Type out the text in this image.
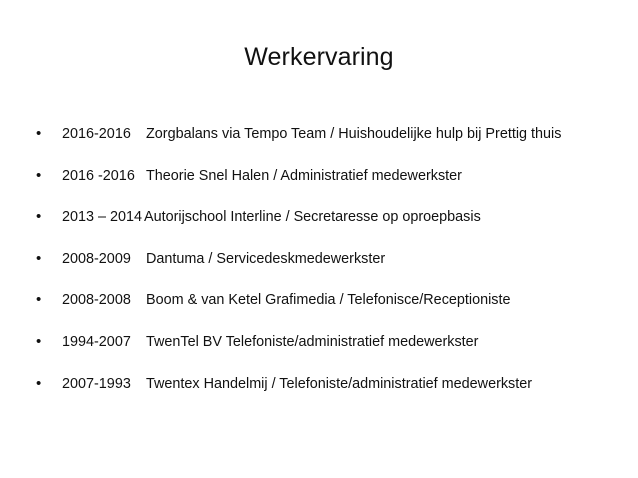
Werkervaring
•	2016-2016 Zorgbalans via Tempo Team / Huishoudelijke hulp bij Prettig thuis
•	2016 -2016 Theorie Snel Halen / Administratief medewerkster
•	2013 – 2014 Autorijschool Interline / Secretaresse op oproepbasis
•	2008-2009 Dantuma / Servicedeskmedewerkster
•	2008-2008 Boom & van Ketel Grafimedia / Telefonisce/Receptioniste
•	1994-2007 TwenTel BV Telefoniste/administratief medewerkster
•	2007-1993 Twentex Handelmij / Telefoniste/administratief medewerkster
